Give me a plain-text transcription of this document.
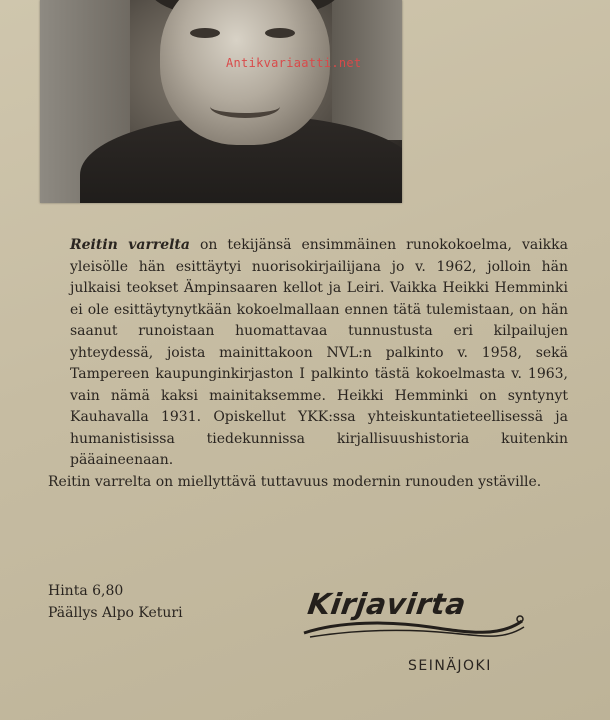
Antikvariaatti.net

Reitin varrelta on tekijänsä ensimmäinen runokokoelma, vaikka yleisölle hän esittäytyi nuorisokirjailijana jo v. 1962, jolloin hän julkaisi teokset Ämpinsaaren kellot ja Leiri. Vaikka Heikki Hemminki ei ole esittäytynytkään kokoelmallaan ennen tätä tulemistaan, on hän saanut runoistaan huomattavaa tunnustusta eri kilpailujen yhteydessä, joista mainittakoon NVL:n palkinto v. 1958, sekä Tampereen kaupunginkirjaston I palkinto tästä kokoelmasta v. 1963, vain nämä kaksi mainitaksemme. Heikki Hemminki on syntynyt Kauhavalla 1931. Opiskellut YKK:ssa yhteiskuntatieteellisessä ja humanistisissa tiedekunnissa kirjallisuushistoria kuitenkin pääaineenaan.

Reitin varrelta on miellyttävä tuttavuus modernin runouden ystäville.

Hinta 6,80
Päällys Alpo Keturi	Kirjavirta
SEINÄJOKI
